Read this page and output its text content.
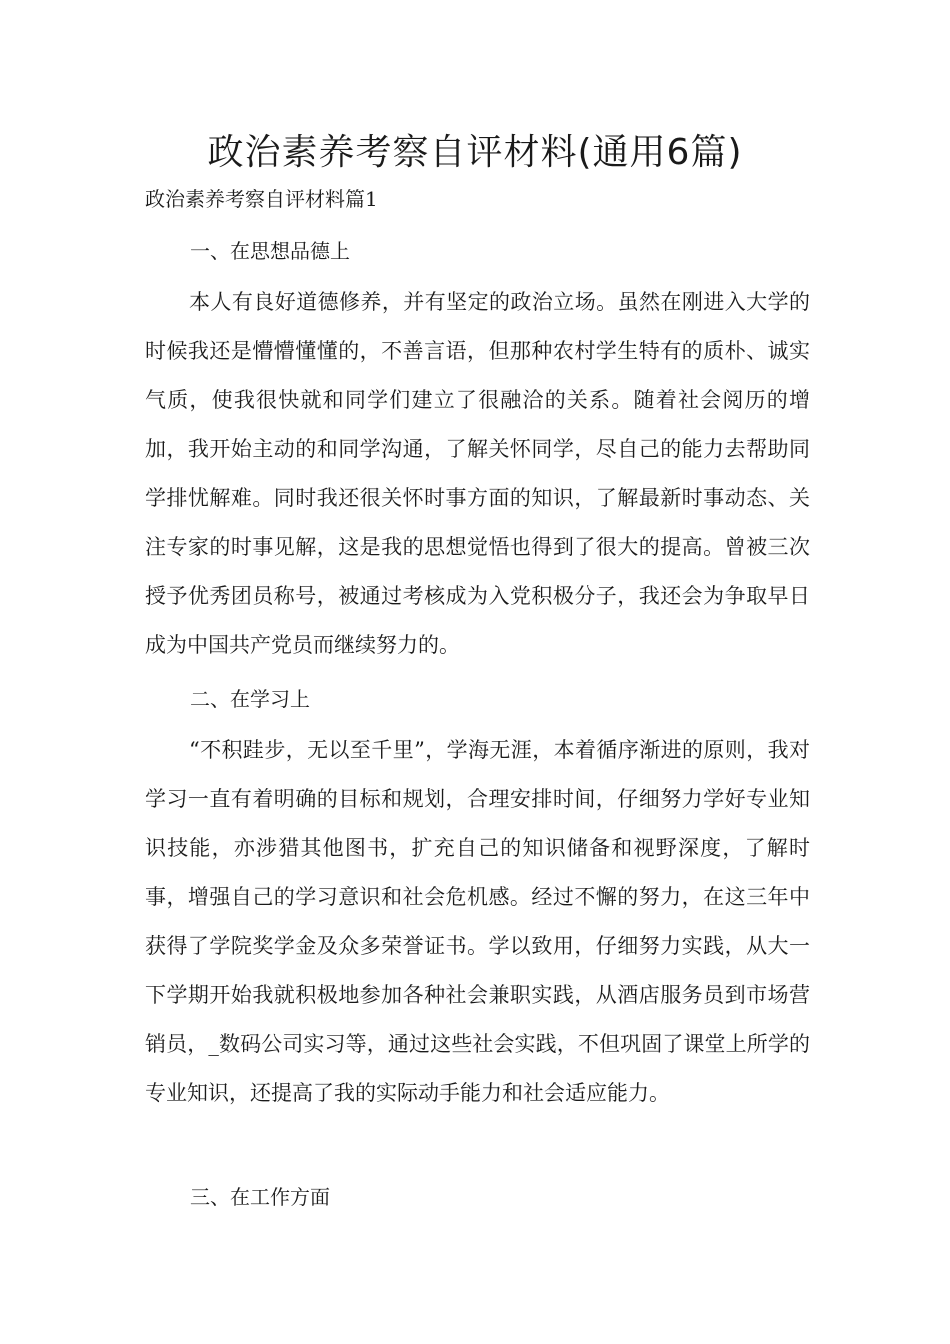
政治素养考察自评材料(通用6篇)

政治素养考察自评材料篇1

一、在思想品德上

本人有良好道德修养，并有坚定的政治立场。虽然在刚进入大学的时候我还是懵懵懂懂的，不善言语，但那种农村学生特有的质朴、诚实气质，使我很快就和同学们建立了很融洽的关系。随着社会阅历的增加，我开始主动的和同学沟通，了解关怀同学，尽自己的能力去帮助同学排忧解难。同时我还很关怀时事方面的知识，了解最新时事动态、关注专家的时事见解，这是我的思想觉悟也得到了很大的提高。曾被三次授予优秀团员称号，被通过考核成为入党积极分子，我还会为争取早日成为中国共产党员而继续努力的。

二、在学习上

“不积跬步，无以至千里”，学海无涯，本着循序渐进的原则，我对学习一直有着明确的目标和规划，合理安排时间，仔细努力学好专业知识技能，亦涉猎其他图书，扩充自己的知识储备和视野深度，了解时事，增强自己的学习意识和社会危机感。经过不懈的努力，在这三年中获得了学院奖学金及众多荣誉证书。学以致用，仔细努力实践，从大一下学期开始我就积极地参加各种社会兼职实践，从酒店服务员到市场营销员，_数码公司实习等，通过这些社会实践，不但巩固了课堂上所学的专业知识，还提高了我的实际动手能力和社会适应能力。

三、在工作方面
